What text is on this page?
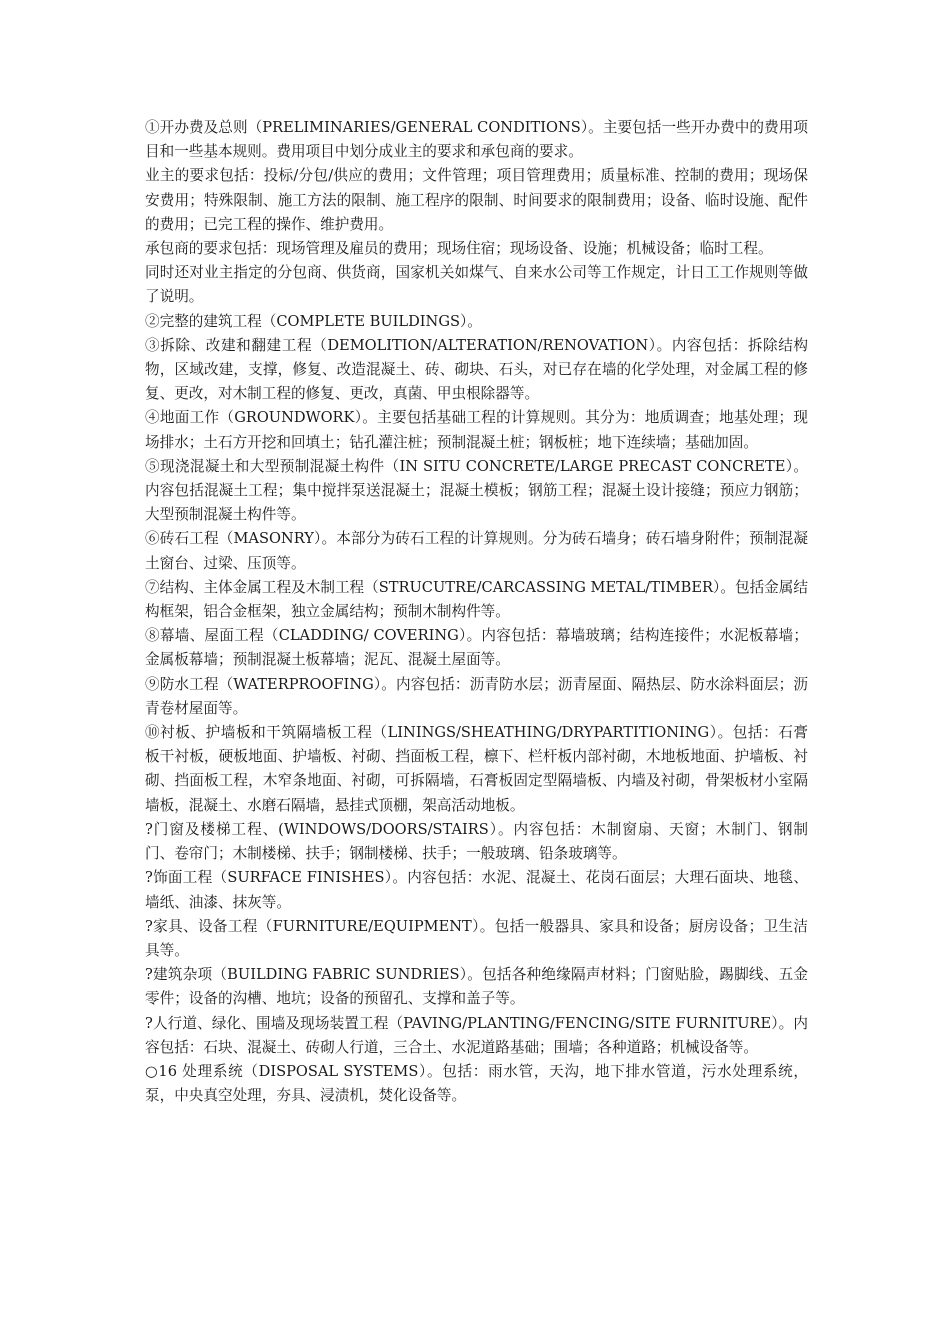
①开办费及总则（PRELIMINARIES/GENERAL CONDITIONS）。主要包括一些开办费中的费用项目和一些基本规则。费用项目中划分成业主的要求和承包商的要求。

业主的要求包括：投标/分包/供应的费用；文件管理；项目管理费用；质量标准、控制的费用；现场保安费用；特殊限制、施工方法的限制、施工程序的限制、时间要求的限制费用；设备、临时设施、配件的费用；已完工程的操作、维护费用。

承包商的要求包括：现场管理及雇员的费用；现场住宿；现场设备、设施；机械设备；临时工程。

同时还对业主指定的分包商、供货商，国家机关如煤气、自来水公司等工作规定，计日工工作规则等做了说明。

②完整的建筑工程（COMPLETE BUILDINGS）。

③拆除、改建和翻建工程（DEMOLITION/ALTERATION/RENOVATION）。内容包括：拆除结构物，区域改建，支撑，修复、改造混凝土、砖、砌块、石头，对已存在墙的化学处理，对金属工程的修复、更改，对木制工程的修复、更改，真菌、甲虫根除器等。

④地面工作（GROUNDWORK）。主要包括基础工程的计算规则。其分为：地质调查；地基处理；现场排水；土石方开挖和回填土；钻孔灌注桩；预制混凝土桩；钢板桩；地下连续墙；基础加固。

⑤现浇混凝土和大型预制混凝土构件（IN SITU CONCRETE/LARGE PRECAST CONCRETE）。内容包括混凝土工程；集中搅拌泵送混凝土；混凝土模板；钢筋工程；混凝土设计接缝；预应力钢筋；大型预制混凝土构件等。

⑥砖石工程（MASONRY）。本部分为砖石工程的计算规则。分为砖石墙身；砖石墙身附件；预制混凝土窗台、过梁、压顶等。

⑦结构、主体金属工程及木制工程（STRUCUTRE/CARCASSING METAL/TIMBER）。包括金属结构框架，铝合金框架，独立金属结构；预制木制构件等。

⑧幕墙、屋面工程（CLADDING/ COVERING）。内容包括：幕墙玻璃；结构连接件；水泥板幕墙；金属板幕墙；预制混凝土板幕墙；泥瓦、混凝土屋面等。

⑨防水工程（WATERPROOFING）。内容包括：沥青防水层；沥青屋面、隔热层、防水涂料面层；沥青卷材屋面等。

⑩衬板、护墙板和干筑隔墙板工程（LININGS/SHEATHING/DRYPARTITIONING）。包括：石膏板干衬板，硬板地面、护墙板、衬砌、挡面板工程，檩下、栏杆板内部衬砌，木地板地面、护墙板、衬砌、挡面板工程，木窄条地面、衬砌，可拆隔墙，石膏板固定型隔墙板、内墙及衬砌，骨架板材小室隔墙板，混凝土、水磨石隔墙，悬挂式顶棚，架高活动地板。

?门窗及楼梯工程、(WINDOWS/DOORS/STAIRS）。内容包括：木制窗扇、天窗；木制门、钢制门、卷帘门；木制楼梯、扶手；钢制楼梯、扶手；一般玻璃、铅条玻璃等。

?饰面工程（SURFACE FINISHES）。内容包括：水泥、混凝土、花岗石面层；大理石面块、地毯、墙纸、油漆、抹灰等。

?家具、设备工程（FURNITURE/EQUIPMENT）。包括一般器具、家具和设备；厨房设备；卫生洁具等。

?建筑杂项（BUILDING FABRIC SUNDRIES）。包括各种绝缘隔声材料；门窗贴脸，踢脚线、五金零件；设备的沟槽、地坑；设备的预留孔、支撑和盖子等。

?人行道、绿化、围墙及现场装置工程（PAVING/PLANTING/FENCING/SITE FURNITURE）。内容包括：石块、混凝土、砖砌人行道，三合土、水泥道路基础；围墙；各种道路；机械设备等。

○16 处理系统（DISPOSAL SYSTEMS）。包括：雨水管，天沟，地下排水管道，污水处理系统，泵，中央真空处理，夯具、浸渍机，焚化设备等。
